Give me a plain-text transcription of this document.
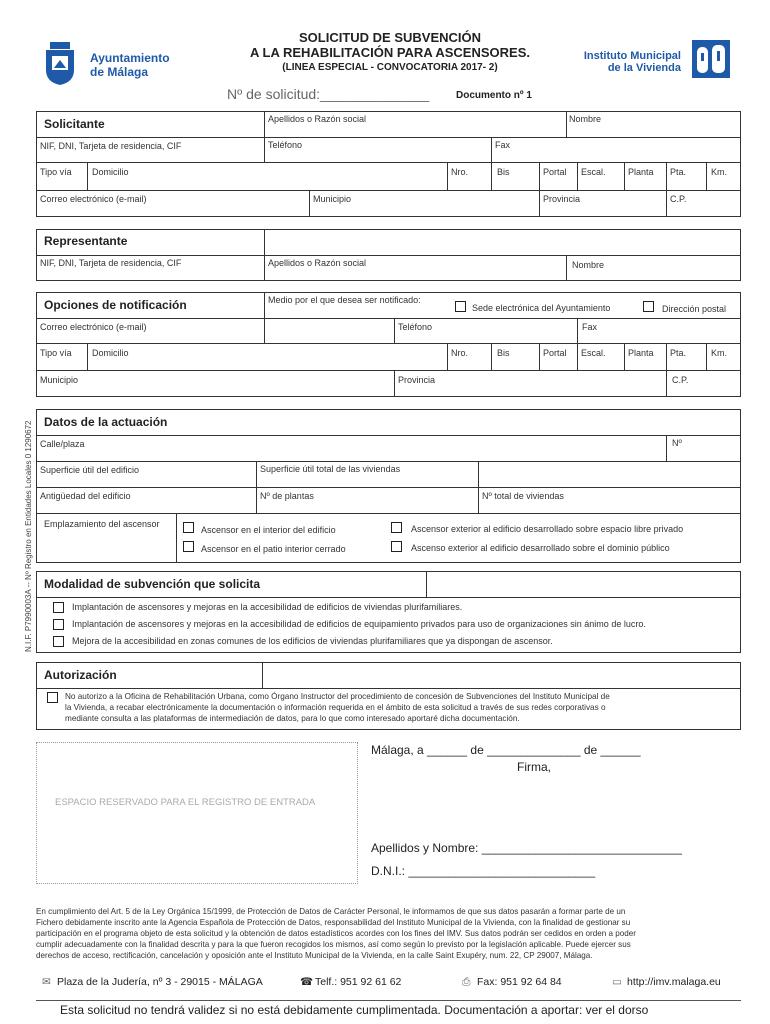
Ayuntamiento
de Málaga
SOLICITUD DE SUBVENCIÓN
A LA REHABILITACIÓN PARA ASCENSORES.
(LINEA ESPECIAL - CONVOCATORIA 2017- 2)
Instituto Municipal
de la Vivienda
Nº de solicitud:______________	Documento nº 1
N.I.F. P7990003A -- Nº Registro en Entidades Locales 0 1290672
Solicitante	Apellidos o Razón social	Nombre
NIF, DNI, Tarjeta de residencia, CIF	Teléfono	Fax
Tipo vía Domicilio	Nro.	Bis	Portal Escal. Planta Pta.	Km.
Correo electrónico (e-mail)	Municipio	Provincia	C.P.
Representante
NIF, DNI, Tarjeta de residencia, CIF	Apellidos o Razón social	Nombre
Opciones de notificación	Medio por el que desea ser notificado:
Sede electrónica del Ayuntamiento	Dirección postal
Correo electrónico (e-mail)	Teléfono	Fax
Tipo vía Domicilio	Nro.	Bis	Portal Escal. Planta Pta.	Km.
Municipio	Provincia	C.P.
Datos de la actuación
Calle/plaza	Nº
Superficie útil del edificio	Superficie útil total de las viviendas
Antigüedad del edificio	Nº de plantas	Nº total de viviendas
Emplazamiento del ascensor
Ascensor en el interior del edificio
Ascensor en el patio interior cerrado
Ascensor exterior al edificio desarrollado sobre espacio libre privado
Ascenso exterior al edificio desarrollado sobre el dominio público
Modalidad de subvención que solicita
Implantación de ascensores y mejoras en la accesibilidad de edificios de viviendas plurifamiliares.
Implantación de ascensores y mejoras en la accesibilidad de edificios de equipamiento privados para uso de organizaciones sin ánimo de lucro.
Mejora de la accesibilidad en zonas comunes de los edificios de viviendas plurifamiliares que ya dispongan de ascensor.
Autorización
No autorizo a la Oficina de Rehabilitación Urbana, como Órgano Instructor del procedimiento de concesión de Subvenciones del Instituto Municipal de
la Vivienda, a recabar electrónicamente la documentación o información requerida en el ámbito de esta solicitud a través de sus redes corporativas o
mediante consulta a las plataformas de intermediación de datos, para lo que como interesado aportaré dicha documentación.
ESPACIO RESERVADO PARA EL REGISTRO DE ENTRADA
Málaga, a ______ de ______________ de ______
Firma,
Apellidos y Nombre: ______________________________
D.N.I.: ____________________________
En cumplimiento del Art. 5 de la Ley Orgánica 15/1999, de Protección de Datos de Carácter Personal, le informamos de que sus datos pasarán a formar parte de un
Fichero debidamente inscrito ante la Agencia Española de Protección de Datos, responsabilidad del Instituto Municipal de la Vivienda, con la finalidad de gestionar su
participación en el programa objeto de esta solicitud y la obtención de datos estadísticos acordes con los fines del IMV. Sus datos podrán ser cedidos en orden a poder
cumplir adecuadamente con la finalidad descrita y para la que fueron recogidos los mismos, así como según lo previsto por la legislación aplicable. Puede ejercer sus
derechos de acceso, rectificación, cancelación y oposición ante el Instituto Municipal de la Vivienda, en la calle Saint Exupéry, num. 22, CP 29007, Málaga.
✉ Plaza de la Judería, nº 3 - 29015 - MÁLAGA	☎ Telf.: 951 92 61 62	⎙ Fax: 951 92 64 84	▭ http://imv.malaga.eu
Esta solicitud no tendrá validez si no está debidamente cumplimentada. Documentación a aportar: ver el dorso
